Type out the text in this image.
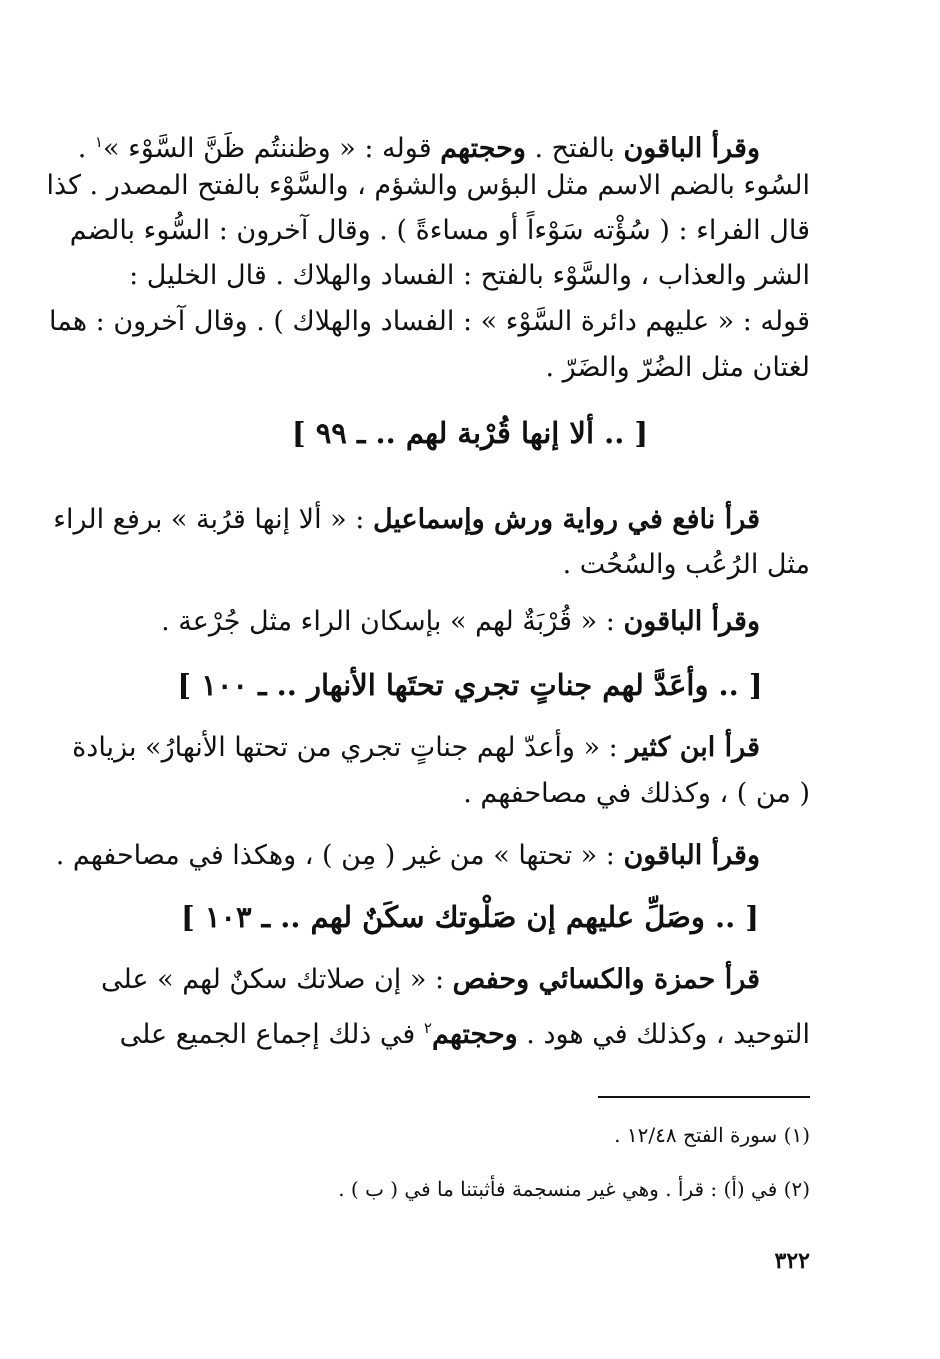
وقرأ الباقون بالفتح . وحجتهم قوله : « وظننتُم ظَنَّ السَّوْء »$^١$ .
السُوء بالضم الاسم مثل البؤس والشؤم ، والسَّوْء بالفتح المصدر . كذا
قال الفراء : ( سُؤْته سَوْءاً أو مساءةً ) . وقال آخرون : السُّوء بالضم
الشر والعذاب ، والسَّوْء بالفتح : الفساد والهلاك . قال الخليل :
قوله : « عليهم دائرة السَّوْء » : الفساد والهلاك ) . وقال آخرون : هما
لغتان مثل الضُرّ والضَرّ .
[ .. ألا إنها قُرْبة لهم .. ـ ٩٩ ]
قرأ نافع في رواية ورش وإسماعيل : « ألا إنها قرُبة » برفع الراء
مثل الرُعُب والسُحُت .
وقرأ الباقون : « قُرْبَةٌ لهم » بإسكان الراء مثل جُرْعة .
[ .. وأعَدَّ لهم جناتٍ تجري تحتَها الأنهار .. ـ ١٠٠ ]
قرأ ابن كثير : « وأعدّ لهم جناتٍ تجري من تحتها الأنهارُ» بزيادة
( من ) ، وكذلك في مصاحفهم .
وقرأ الباقون : « تحتها » من غير ( مِن ) ، وهكذا في مصاحفهم .
[ .. وصَلِّ عليهم إن صَلْوتك سكَنٌ لهم .. ـ ١٠٣ ]
قرأ حمزة والكسائي وحفص : « إن صلاتك سكنٌ لهم » على
التوحيد ، وكذلك في هود . وحجتهم$^٢$ في ذلك إجماع الجميع على
(١) سورة الفتح ١٢/٤٨ .
(٢) في (أ) : قرأ . وهي غير منسجمة فأثبتنا ما في ( ب ) .
٣٢٢
